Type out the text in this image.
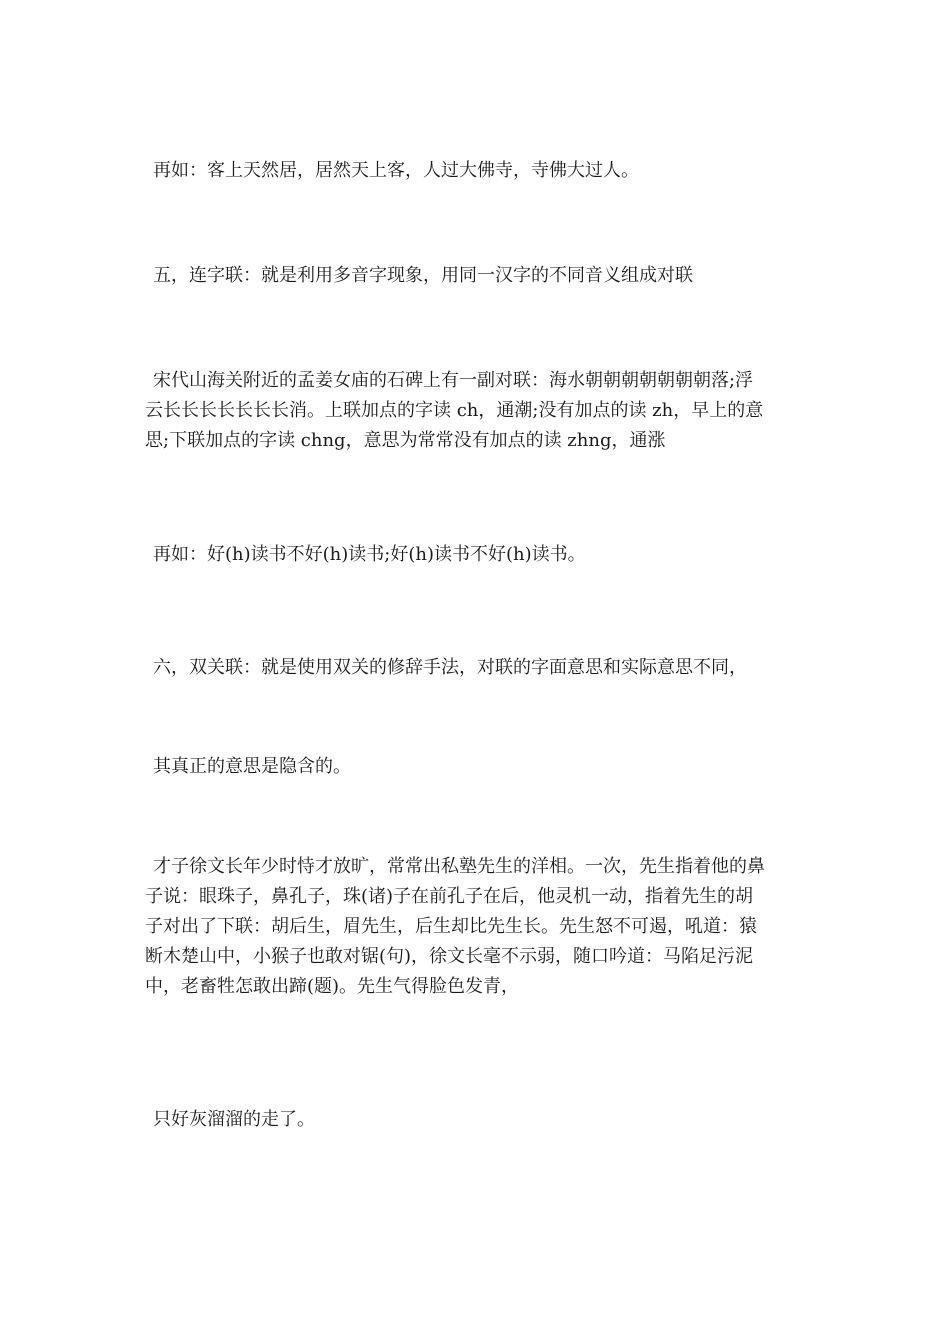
再如：客上天然居，居然天上客，人过大佛寺，寺佛大过人。

五，连字联：就是利用多音字现象，用同一汉字的不同音义组成对联

宋代山海关附近的孟姜女庙的石碑上有一副对联：海水朝朝朝朝朝朝朝落;浮
云长长长长长长长消。上联加点的字读 ch，通潮;没有加点的读 zh，早上的意
思;下联加点的字读 chng，意思为常常没有加点的读 zhng，通涨

再如：好(h)读书不好(h)读书;好(h)读书不好(h)读书。

六，双关联：就是使用双关的修辞手法，对联的字面意思和实际意思不同，

其真正的意思是隐含的。

才子徐文长年少时恃才放旷，常常出私塾先生的洋相。一次，先生指着他的鼻
子说：眼珠子，鼻孔子，珠(诸)子在前孔子在后，他灵机一动，指着先生的胡
子对出了下联：胡后生，眉先生，后生却比先生长。先生怒不可遏，吼道：猿
断木楚山中，小猴子也敢对锯(句)，徐文长毫不示弱，随口吟道：马陷足污泥
中，老畜牲怎敢出蹄(题)。先生气得脸色发青，

只好灰溜溜的走了。
